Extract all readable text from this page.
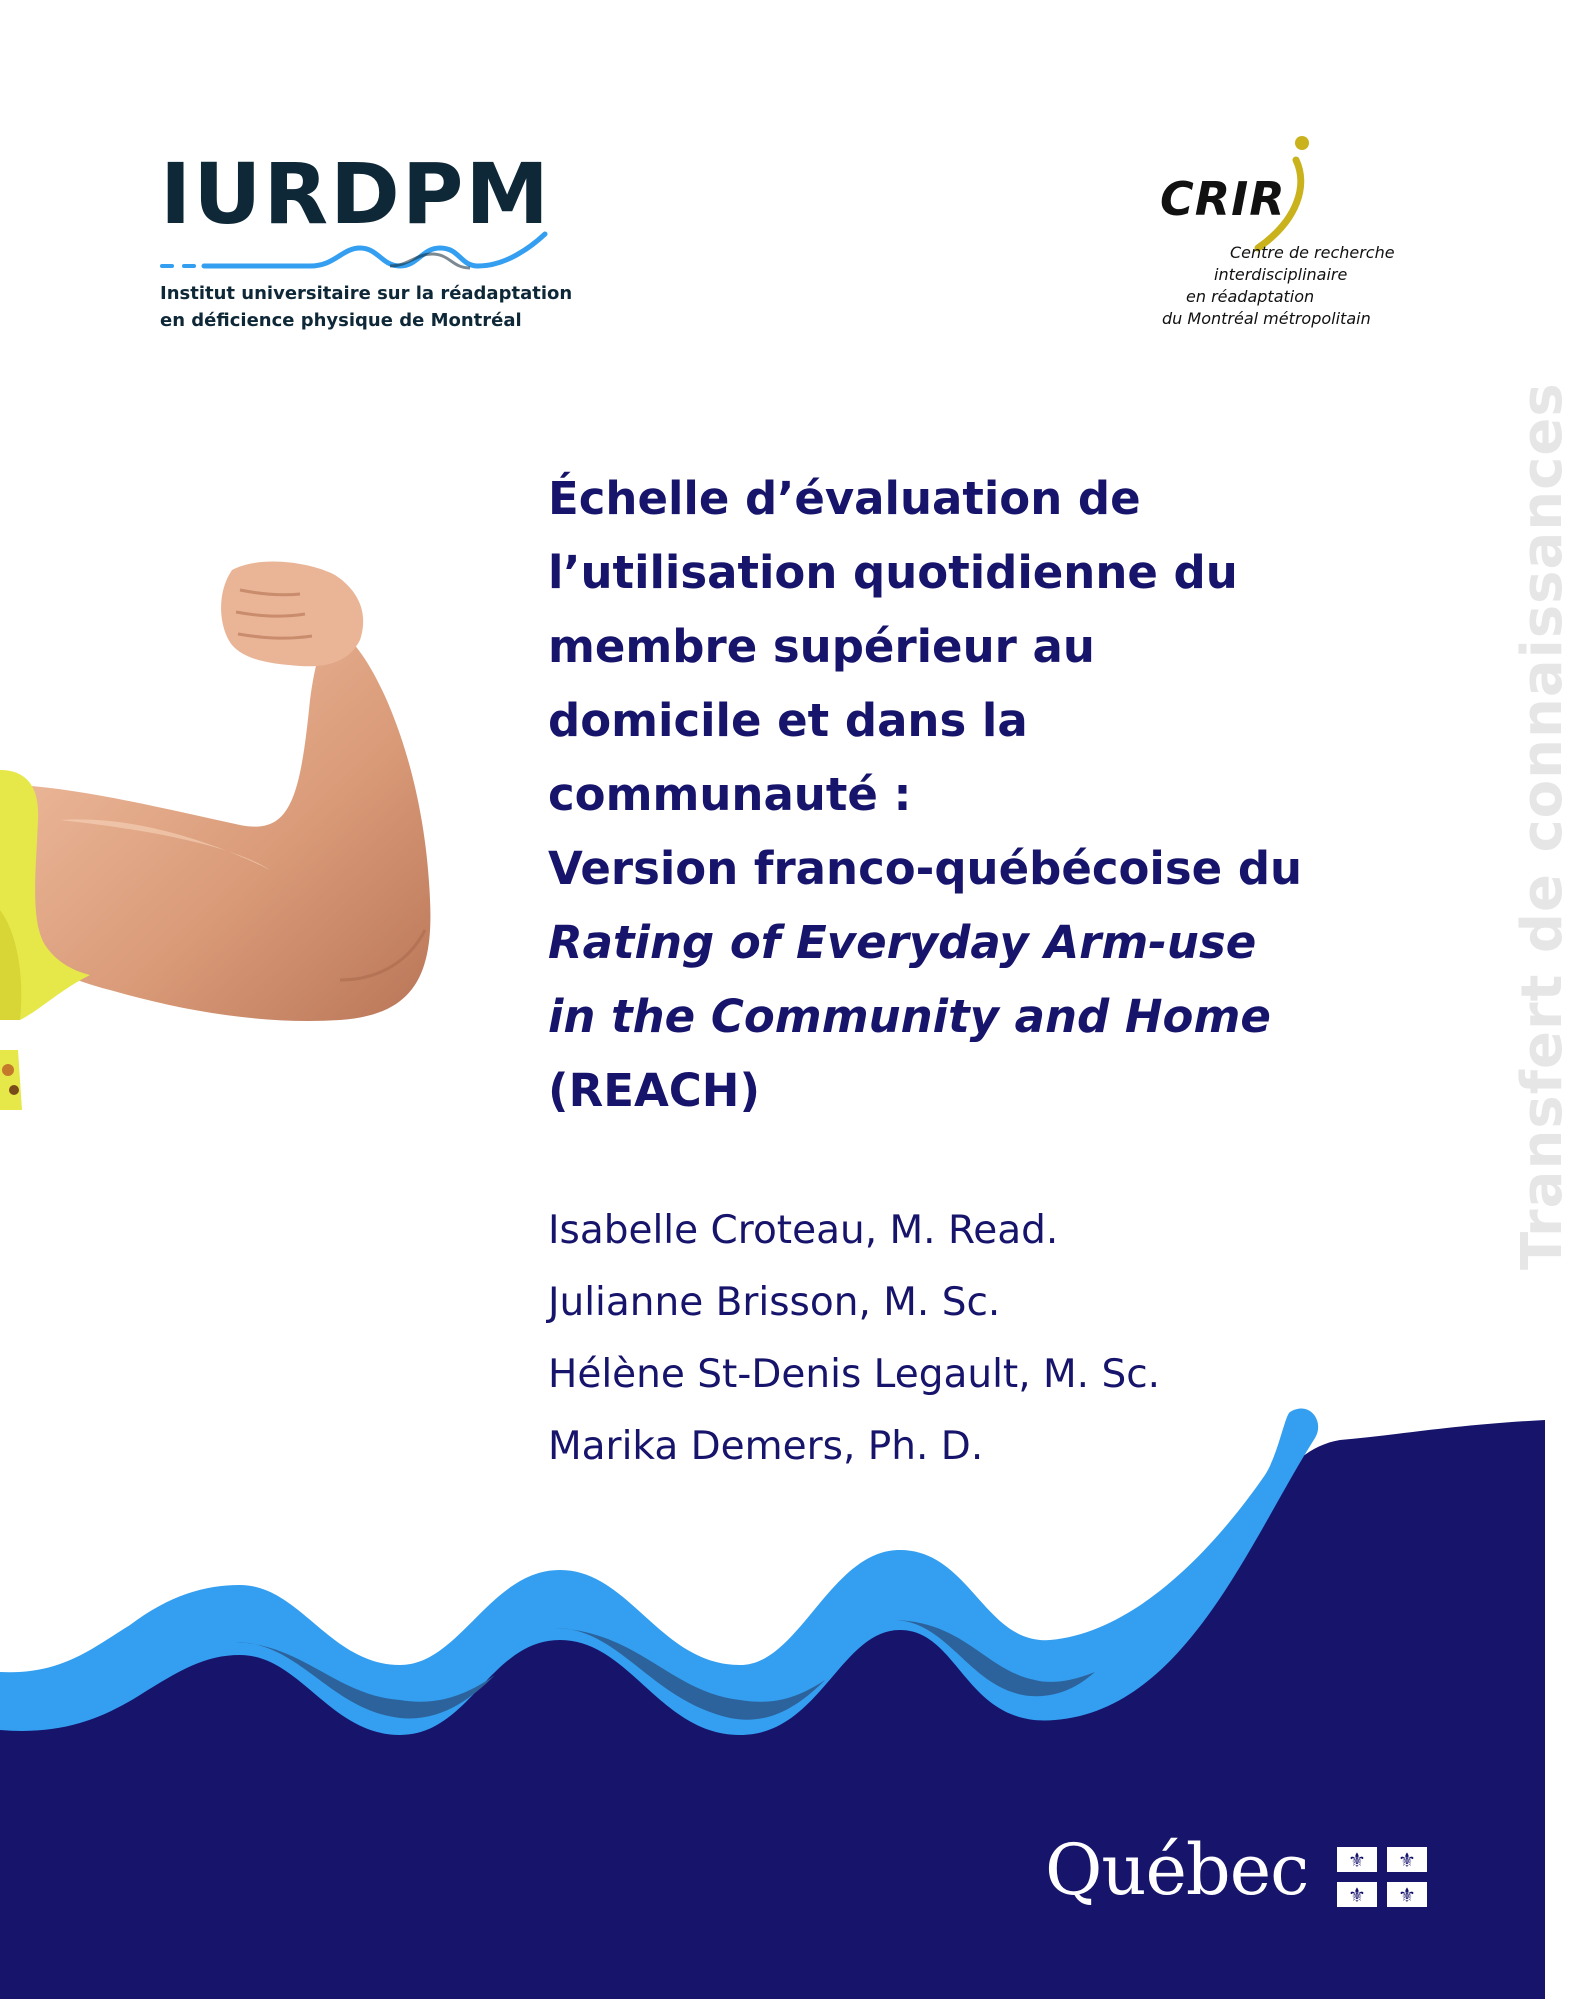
IURDPM
Institut universitaire sur la réadaptation
en déficience physique de Montréal
CRIR
Centre de recherche
interdisciplinaire
en réadaptation
du Montréal métropolitain
Échelle d’évaluation de l’utilisation quotidienne du membre supérieur au domicile et dans la communauté :
Version franco-québécoise du Rating of Everyday Arm-use in the Community and Home (REACH)
Isabelle Croteau, M. Read.
Julianne Brisson, M. Sc.
Hélène St-Denis Legault, M. Sc.
Marika Demers, Ph. D.
Transfert de connaissances
Québec ⚜ ⚜
⚜ ⚜
